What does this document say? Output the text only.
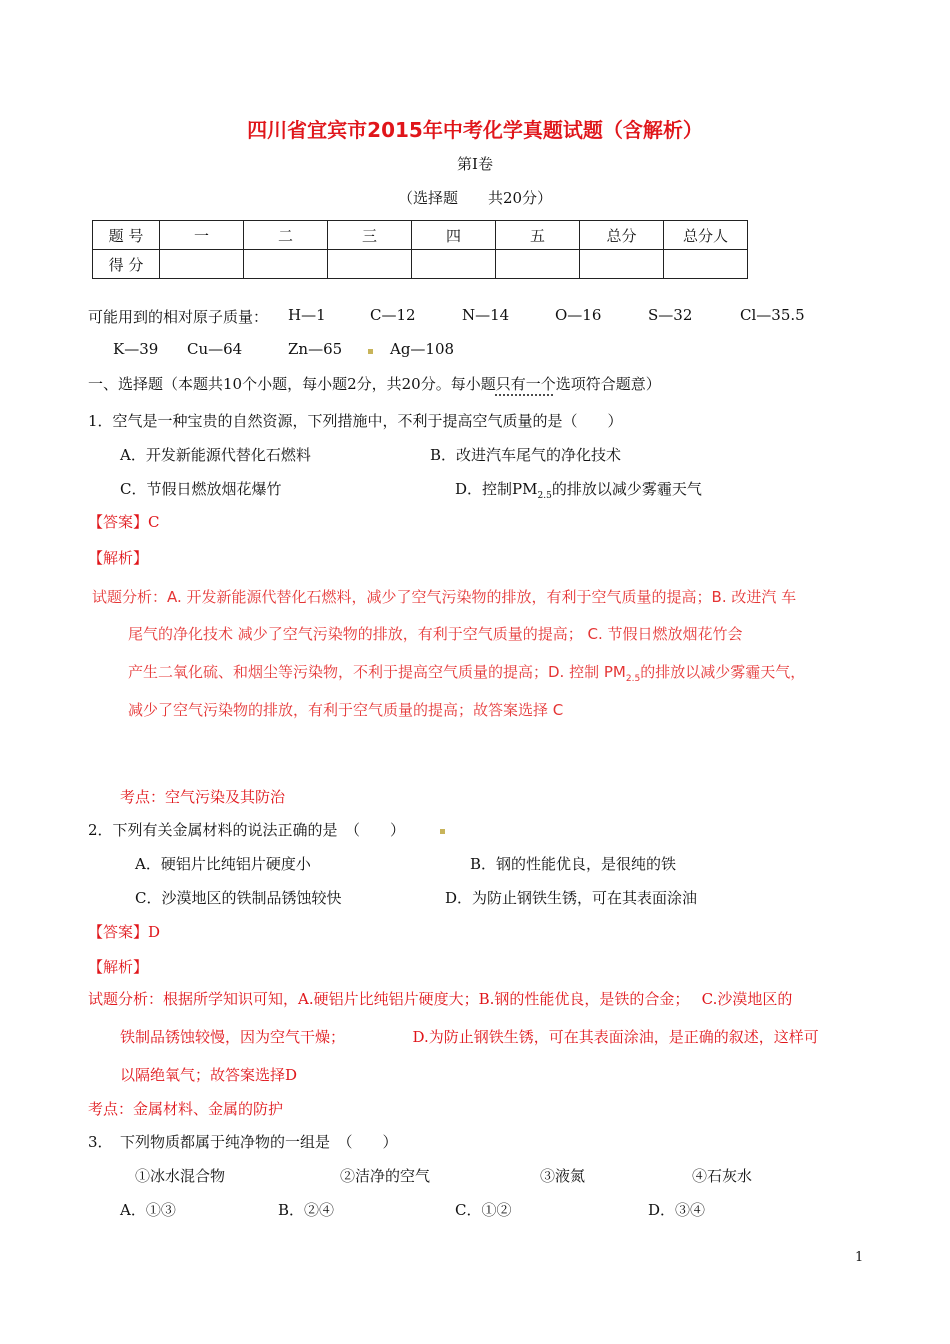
四川省宜宾市2015年中考化学真题试题（含解析）
第Ⅰ卷
（选择题　　共20分）
题 号	一	二	三	四	五	总分	总分人
得 分							
可能用到的相对原子质量： H—1	C—12	N—14	O—16	S—32	Cl—35.5
K—39 Cu—64	Zn—65	Ag—108
一、选择题（本题共10个小题，每小题2分，共20分。每小题只有一个选项符合题意）
1．空气是一种宝贵的自然资源，下列措施中，不利于提高空气质量的是（　　）
A．开发新能源代替化石燃料	B．改进汽车尾气的净化技术
C．节假日燃放烟花爆竹	D．控制$PM_{2.5}$的排放以减少雾霾天气
【答案】C
【解析】
试题分析：A. 开发新能源代替化石燃料，减少了空气污染物的排放，有利于空气质量的提高；B. 改进汽 车
尾气的净化技术 减少了空气污染物的排放，有利于空气质量的提高； C. 节假日燃放烟花竹会
产生二氧化硫、和烟尘等污染物，不利于提高空气质量的提高；D. 控制 $PM_{2.5}$的排放以减少雾霾天气，
减少了空气污染物的排放，有利于空气质量的提高；故答案选择 C
考点：空气污染及其防治
2．下列有关金属材料的说法正确的是　（　　）
A．硬铝片比纯铝片硬度小	B．钢的性能优良，是很纯的铁
C．沙漠地区的铁制品锈蚀较快	D．为防止钢铁生锈，可在其表面涂油
【答案】D
【解析】
试题分析：根据所学知识可知，A.硬铝片比纯铝片硬度大；B.钢的性能优良，是铁的合金；　 C.沙漠地区的
铁制品锈蚀较慢，因为空气干燥；　　　　　D.为防止钢铁生锈，可在其表面涂油，是正确的叙述，这样可
以隔绝氧气；故答案选择D
考点：金属材料、金属的防护
3．　下列物质都属于纯净物的一组是　（　　）
①冰水混合物	②洁净的空气	③液氮	④石灰水
A．①③	B．②④	C．①②	D．③④
1
